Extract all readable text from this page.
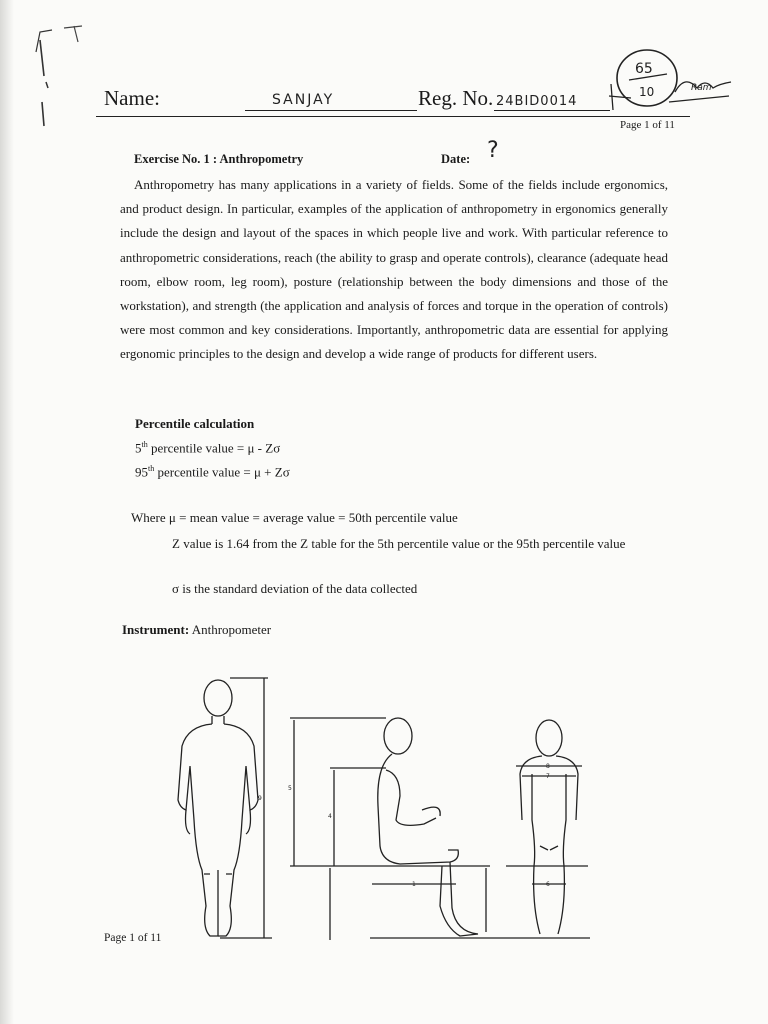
Name:	SANJAY	Reg. No. 24BID0014
Page 1 of 11
65
10	Ram
Exercise No. 1 : Anthropometry	Date: ?
Anthropometry has many applications in a variety of fields. Some of the fields include ergonomics, and product design. In particular, examples of the application of anthropometry in ergonomics generally include the design and layout of the spaces in which people live and work. With particular reference to anthropometric considerations, reach (the ability to grasp and operate controls), clearance (adequate head room, elbow room, leg room), posture (relationship between the body dimensions and those of the workstation), and strength (the application and analysis of forces and torque in the operation of controls) were most common and key considerations. Importantly, anthropometric data are essential for applying ergonomic principles to the design and develop a wide range of products for different users.
Percentile calculation
5th percentile value = μ - Zσ
95th percentile value = μ + Zσ
Where μ = mean value = average value = 50th percentile value
Z value is 1.64 from the Z table for the 5th percentile value or the 95th percentile value
σ is the standard deviation of the data collected
Instrument: Anthropometer
9
5
4
1
8
7
6
Page 1 of 11
